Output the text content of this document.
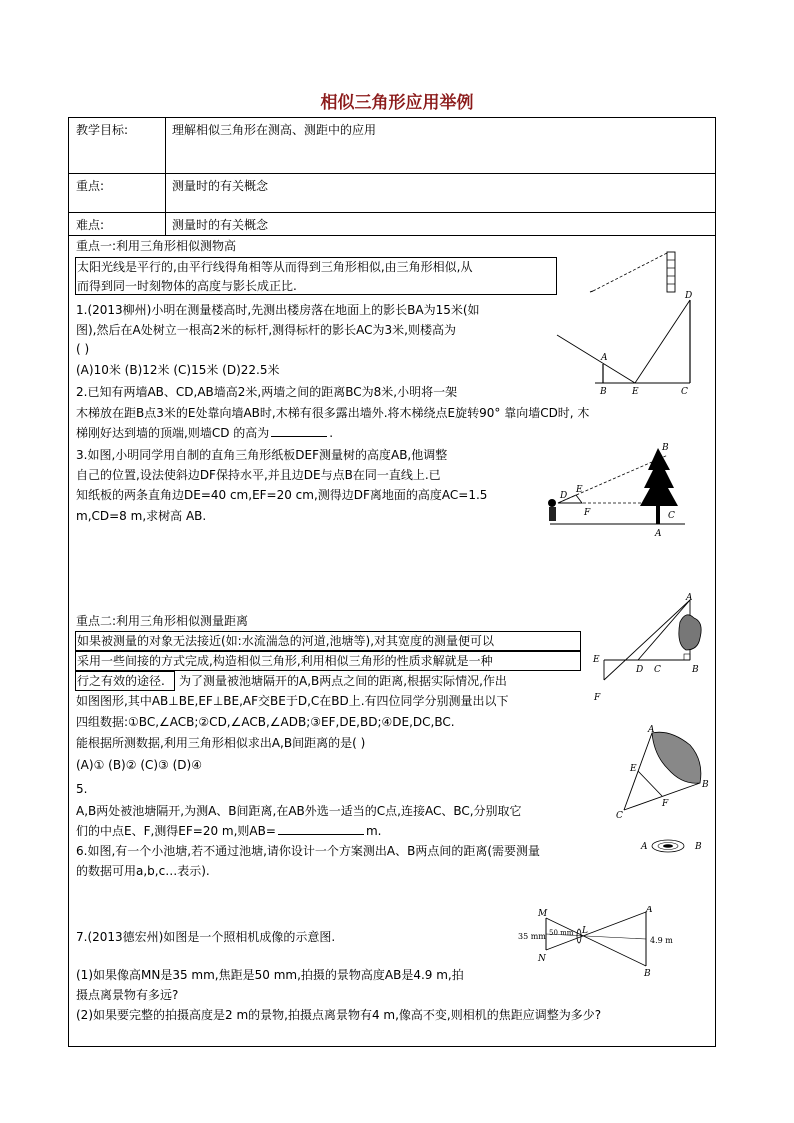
相似三角形应用举例
教学目标:	理解相似三角形在测高、测距中的应用
重点:	测量时的有关概念
难点:	测量时的有关概念
重点一:利用三角形相似测物高
太阳光线是平行的,由平行线得角相等从而得到三角形相似,由三角形相似,从
而得到同一时刻物体的高度与影长成正比.
1.(2013柳州)小明在测量楼高时,先测出楼房落在地面上的影长BA为15米(如
图),然后在A处树立一根高2米的标杆,测得标杆的影长AC为3米,则楼高为
( )
(A)10米 (B)12米 (C)15米 (D)22.5米
2.已知有两墙AB、CD,AB墙高2米,两墙之间的距离BC为8米,小明将一架
木梯放在距B点3米的E处靠向墙AB时,木梯有很多露出墙外.将木梯绕点E旋转90° 靠向墙CD时, 木
梯刚好达到墙的顶端,则墙CD 的高为	.
3.如图,小明同学用自制的直角三角形纸板DEF测量树的高度AB,他调整
自己的位置,设法使斜边DF保持水平,并且边DE与点B在同一直线上.已
知纸板的两条直角边DE=40 cm,EF=20 cm,测得边DF离地面的高度AC=1.5
m,CD=8 m,求树高 AB.
重点二:利用三角形相似测量距离
如果被测量的对象无法接近(如:水流湍急的河道,池塘等),对其宽度的测量便可以
采用一些间接的方式完成,构造相似三角形,利用相似三角形的性质求解就是一种
行之有效的途径. 为了测量被池塘隔开的A,B两点之间的距离,根据实际情况,作出
如图图形,其中AB⊥BE,EF⊥BE,AF交BE于D,C在BD上.有四位同学分别测量出以下
四组数据:①BC,∠ACB;②CD,∠ACB,∠ADB;③EF,DE,BD;④DE,DC,BC.
能根据所测数据,利用三角形相似求出A,B间距离的是( )
(A)① (B)② (C)③ (D)④
5.
A,B两处被池塘隔开,为测A、B间距离,在AB外选一适当的C点,连接AC、BC,分别取它
们的中点E、F,测得EF=20 m,则AB=	m.
6.如图,有一个小池塘,若不通过池塘,请你设计一个方案测出A、B两点间的距离(需要测量
的数据可用a,b,c…表示).
7.(2013德宏州)如图是一个照相机成像的示意图.
(1)如果像高MN是35 mm,焦距是50 mm,拍摄的景物高度AB是4.9 m,拍
摄点离景物有多远?
(2)如果要完整的拍摄高度是2 m的景物,拍摄点离景物有4 m,像高不变,则相机的焦距应调整为多少?
A
B	E	C
D
D
E
F
A
C
B
A
E
D C	B
F
A
E
F
B
C
A	B
M
N
L
A
B
35 mm 50 mm
4.9 m
